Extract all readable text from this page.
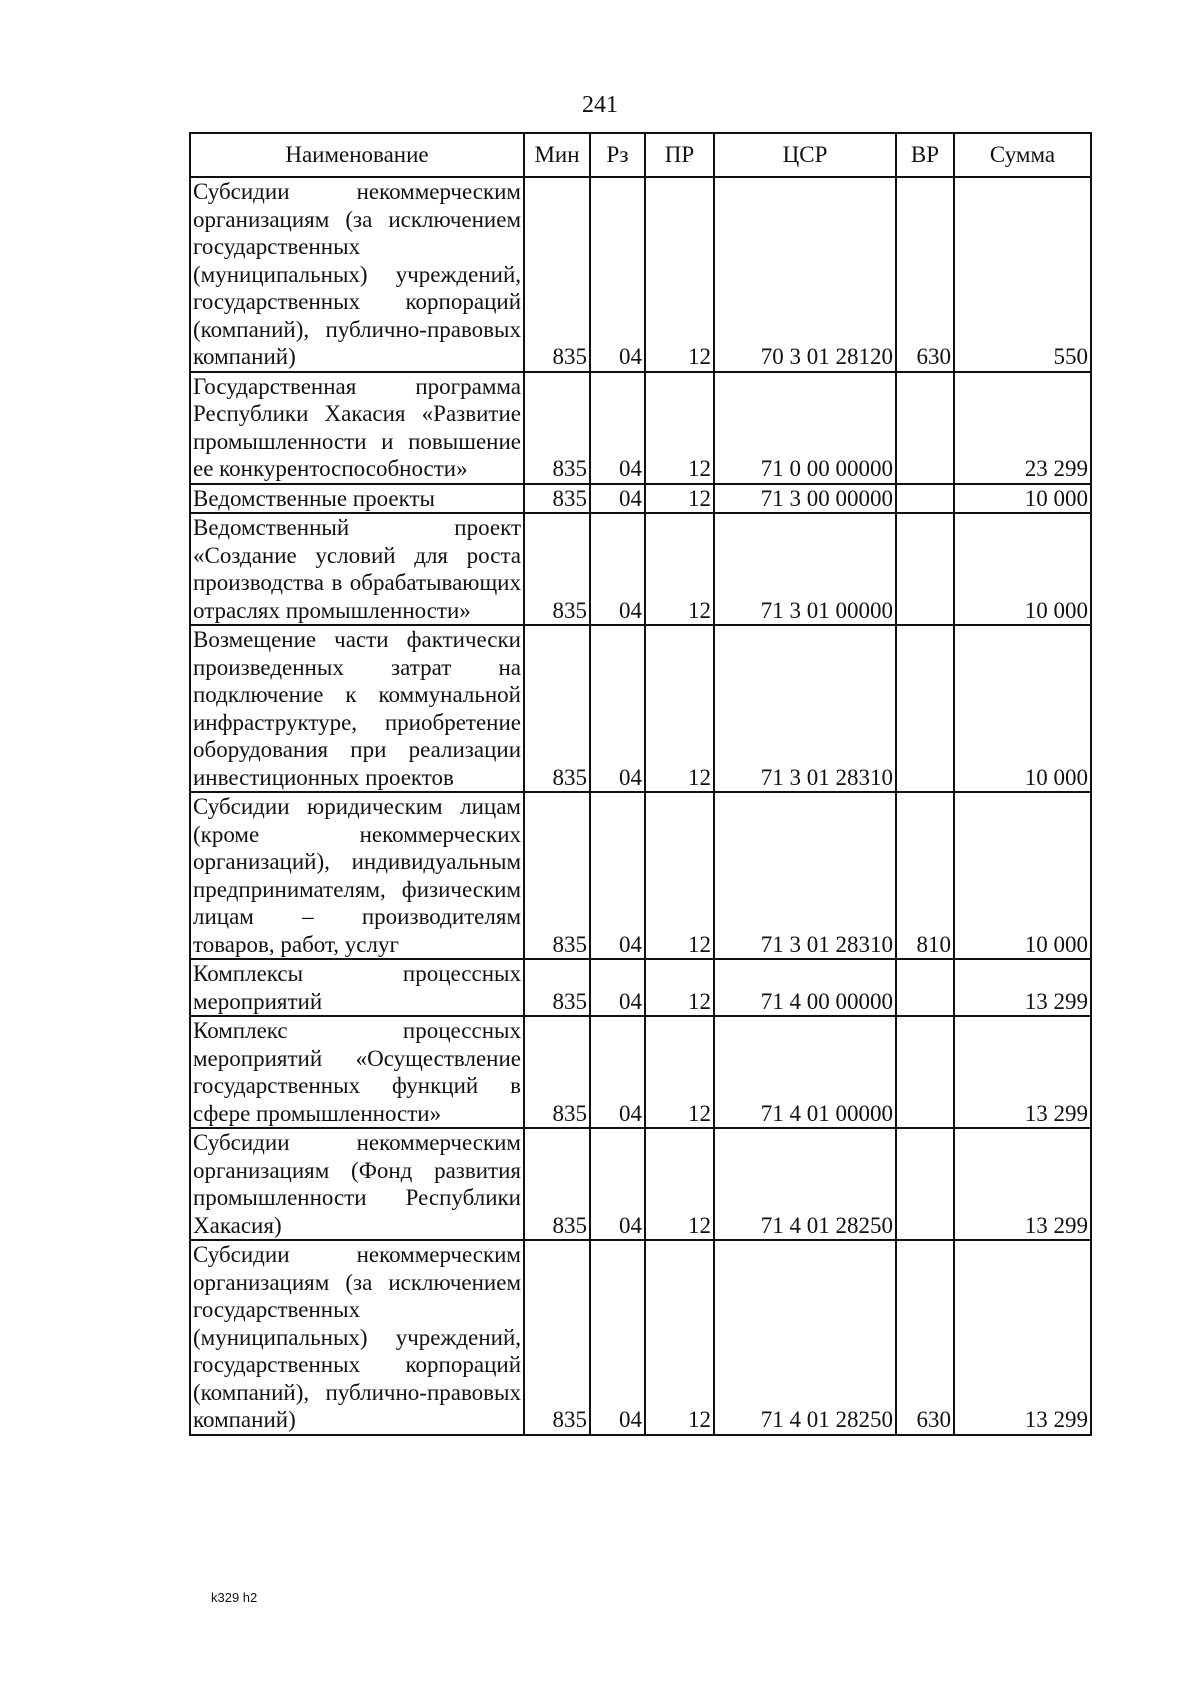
241
Наименование	Мин	Рз	ПР	ЦСР	ВР	Сумма
Субсидии некоммерческим организациям (за исключением государственных (муниципальных) учреждений, государственных корпораций (компаний), публично-правовых компаний)	835	04	12	70 3 01 28120	630	550
Государственная программа Республики Хакасия «Развитие промышленности и повышение ее конкурентоспособности»	835	04	12	71 0 00 00000		23 299
Ведомственные проекты	835	04	12	71 3 00 00000		10 000
Ведомственный проект «Создание условий для роста производства в обрабатывающих отраслях промышленности»	835	04	12	71 3 01 00000		10 000
Возмещение части фактически произведенных затрат на подключение к коммунальной инфраструктуре, приобретение оборудования при реализации инвестиционных проектов	835	04	12	71 3 01 28310		10 000
Субсидии юридическим лицам (кроме некоммерческих организаций), индивидуальным предпринимателям, физическим лицам – производителям товаров, работ, услуг	835	04	12	71 3 01 28310	810	10 000
Комплексы процессных мероприятий	835	04	12	71 4 00 00000		13 299
Комплекс процессных мероприятий «Осуществление государственных функций в сфере промышленности»	835	04	12	71 4 01 00000		13 299
Субсидии некоммерческим организациям (Фонд развития промышленности Республики Хакасия)	835	04	12	71 4 01 28250		13 299
Субсидии некоммерческим организациям (за исключением государственных (муниципальных) учреждений, государственных корпораций (компаний), публично-правовых компаний)	835	04	12	71 4 01 28250	630	13 299
k329 h2
